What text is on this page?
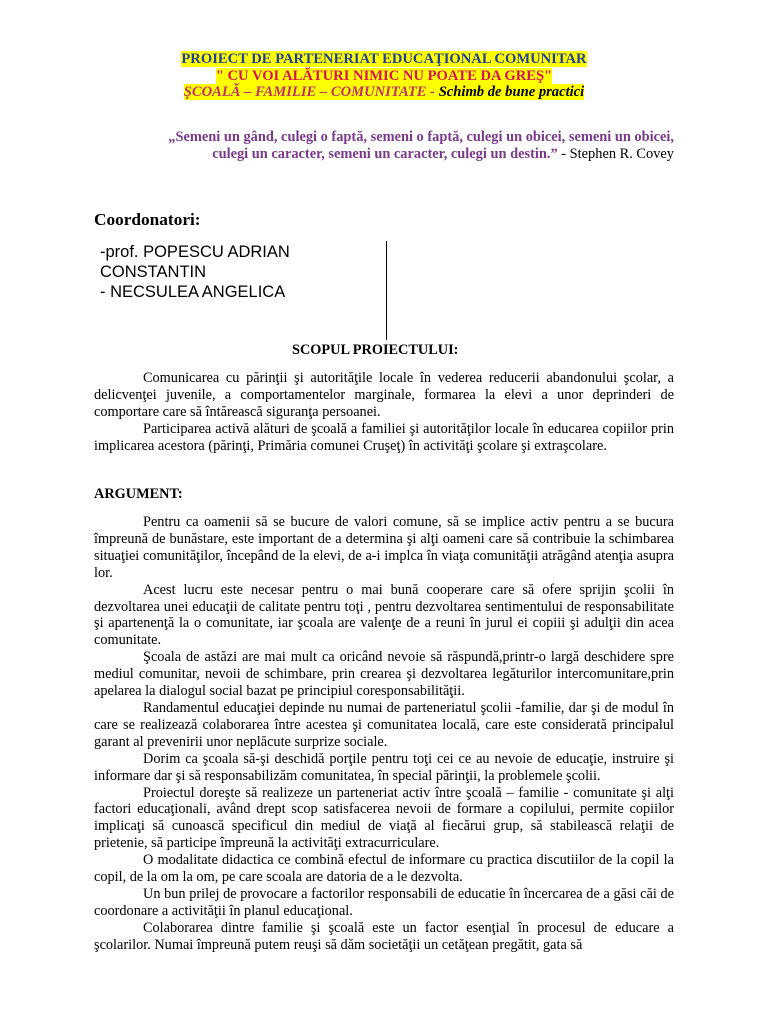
PROIECT DE PARTENERIAT EDUCAŢIONAL COMUNITAR
" CU VOI ALĂTURI NIMIC NU POATE DA GREŞ"
ŞCOALĂ – FAMILIE – COMUNITATE - Schimb de bune practici
„Semeni un gând, culegi o faptă, semeni o faptă, culegi un obicei, semeni un obicei,
culegi un caracter, semeni un caracter, culegi un destin.” - Stephen R. Covey
Coordonatori:
-prof. POPESCU ADRIAN
CONSTANTIN
- NECSULEA ANGELICA
SCOPUL PROIECTULUI:

Comunicarea cu părinţii şi autorităţile locale în vederea reducerii abandonului şcolar, a delicvenţei juvenile, a comportamentelor marginale, formarea la elevi a unor deprinderi de comportare care să întărească siguranţa persoanei.

Participarea activă alături de şcoală a familiei şi autorităţilor locale în educarea copiilor prin implicarea acestora (părinţi, Primăria comunei Cruşeţ) în activităţi şcolare şi extraşcolare.

ARGUMENT:

Pentru ca oamenii să se bucure de valori comune, să se implice activ pentru a se bucura împreună de bunăstare, este important de a determina şi alţi oameni care să contribuie la schimbarea situaţiei comunităţilor, începând de la elevi, de a-i implca în viaţa comunităţii atrăgând atenţia asupra lor.

Acest lucru este necesar pentru o mai bună cooperare care să ofere sprijin şcolii în dezvoltarea unei educaţii de calitate pentru toţi , pentru dezvoltarea sentimentului de responsabilitate şi apartenenţă la o comunitate, iar şcoala are valenţe de a reuni în jurul ei copiii şi adulţii din acea comunitate.

Şcoala de astăzi are mai mult ca oricând nevoie să răspundă,printr-o largă deschidere spre mediul comunitar, nevoii de schimbare, prin crearea şi dezvoltarea legăturilor intercomunitare,prin apelarea la dialogul social bazat pe principiul coresponsabilităţii.

Randamentul educaţiei depinde nu numai de parteneriatul şcolii -familie, dar şi de modul în care se realizează colaborarea între acestea şi comunitatea locală, care este considerată principalul garant al prevenirii unor neplăcute surprize sociale.

Dorim ca şcoala să-şi deschidă porţile pentru toţi cei ce au nevoie de educaţie, instruire şi informare dar şi să responsabilizăm comunitatea, în special părinţii, la problemele şcolii.

Proiectul doreşte să realizeze un parteneriat activ între şcoală – familie - comunitate şi alţi factori educaţionali, având drept scop satisfacerea nevoii de formare a copilului, permite copiilor implicaţi să cunoască specificul din mediul de viaţă al fiecărui grup, să stabilească relaţii de prietenie, să participe împreună la activităţi extracurriculare.

O modalitate didactica ce combină efectul de informare cu practica discutiilor de la copil la copil, de la om la om, pe care scoala are datoria de a le dezvolta.

Un bun prilej de provocare a factorilor responsabili de educatie în încercarea de a găsi căi de coordonare a activităţii în planul educaţional.

Colaborarea dintre familie şi şcoală este un factor esenţial în procesul de educare a şcolarilor. Numai împreună putem reuşi să dăm societăţii un cetăţean pregătit, gata să
